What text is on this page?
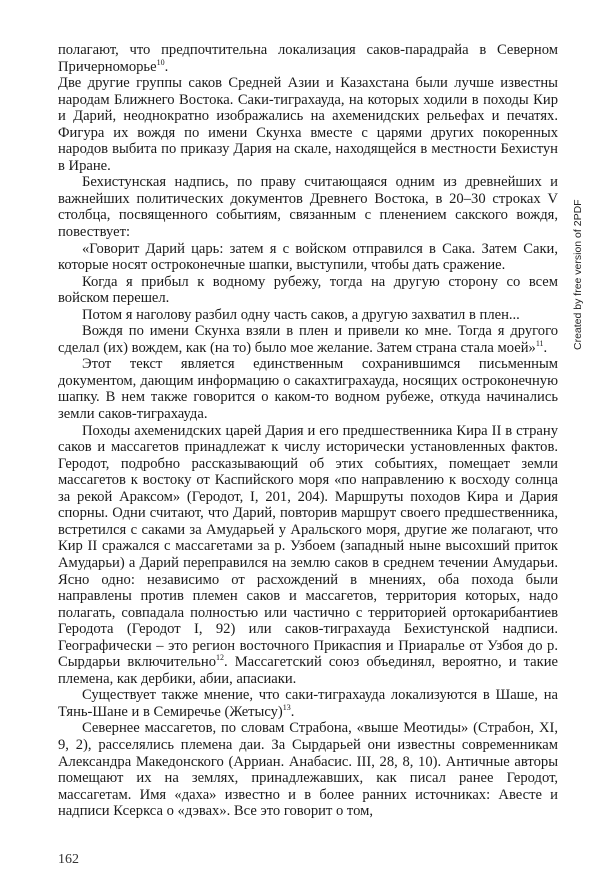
полагают, что предпочтительна локализация саков-парадрайа в Северном Причерноморье$^{10}$.

Две другие группы саков Средней Азии и Казахстана были лучше известны народам Ближнего Востока. Саки-тиграхауда, на которых ходили в походы Кир и Дарий, неоднократно изображались на ахеменидских рельефах и печатях. Фигура их вождя по имени Скунха вместе с царями других покоренных народов выбита по приказу Дария на скале, находящейся в местности Бехистун в Иране.

Бехистунская надпись, по праву считающаяся одним из древнейших и важнейших политических документов Древнего Востока, в 20–30 строках V столбца, посвященного событиям, связанным с пленением сакского вождя, повествует:

«Говорит Дарий царь: затем я с войском отправился в Сака. Затем Саки, которые носят остроконечные шапки, выступили, чтобы дать сражение.

Когда я прибыл к водному рубежу, тогда на другую сторону со всем войском перешел.

Потом я наголову разбил одну часть саков, а другую захватил в плен...

Вождя по имени Скунха взяли в плен и привели ко мне. Тогда я другого сделал (их) вождем, как (на то) было мое желание. Затем страна стала моей»$^{11}$.

Этот текст является единственным сохранившимся письменным документом, дающим информацию о сакахтиграхауда, носящих остроконечную шапку. В нем также говорится о каком-то водном рубеже, откуда начинались земли саков-тиграхауда.

Походы ахеменидских царей Дария и его предшественника Кира II в страну саков и массагетов принадлежат к числу исторически установленных фактов. Геродот, подробно рассказывающий об этих событиях, помещает земли массагетов к востоку от Каспийского моря «по направлению к восходу солнца за рекой Араксом» (Геродот, I, 201, 204). Маршруты походов Кира и Дария спорны. Одни считают, что Дарий, повторив маршрут своего предшественника, встретился с саками за Амударьей у Аральского моря, другие же полагают, что Кир II сражался с массагетами за р. Узбоем (западный ныне высохший приток Амударьи) а Дарий переправился на землю саков в среднем течении Амударьи. Ясно одно: независимо от расхождений в мнениях, оба похода были направлены против племен саков и массагетов, территория которых, надо полагать, совпадала полностью или частично с территорией ортокарибантиев Геродота (Геродот I, 92) или саков-тиграхауда Бехистунской надписи. Географически – это регион восточного Прикаспия и Приаралье от Узбоя до р. Сырдарьи включительно$^{12}$. Массагетский союз объединял, вероятно, и такие племена, как дербики, абии, апасиаки.

Существует также мнение, что саки-тиграхауда локализуются в Шаше, на Тянь-Шане и в Семиречье (Жетысу)$^{13}$.

Севернее массагетов, по словам Страбона, «выше Меотиды» (Страбон, XI, 9, 2), расселялись племена даи. За Сырдарьей они известны современникам Александра Македонского (Арриан. Анабасис. III, 28, 8, 10). Античные авторы помещают их на землях, принадлежавших, как писал ранее Геродот, массагетам. Имя «даха» известно и в более ранних источниках: Авесте и надписи Ксеркса о «дэвах». Все это говорит о том,

Created by free version of 2PDF
162
